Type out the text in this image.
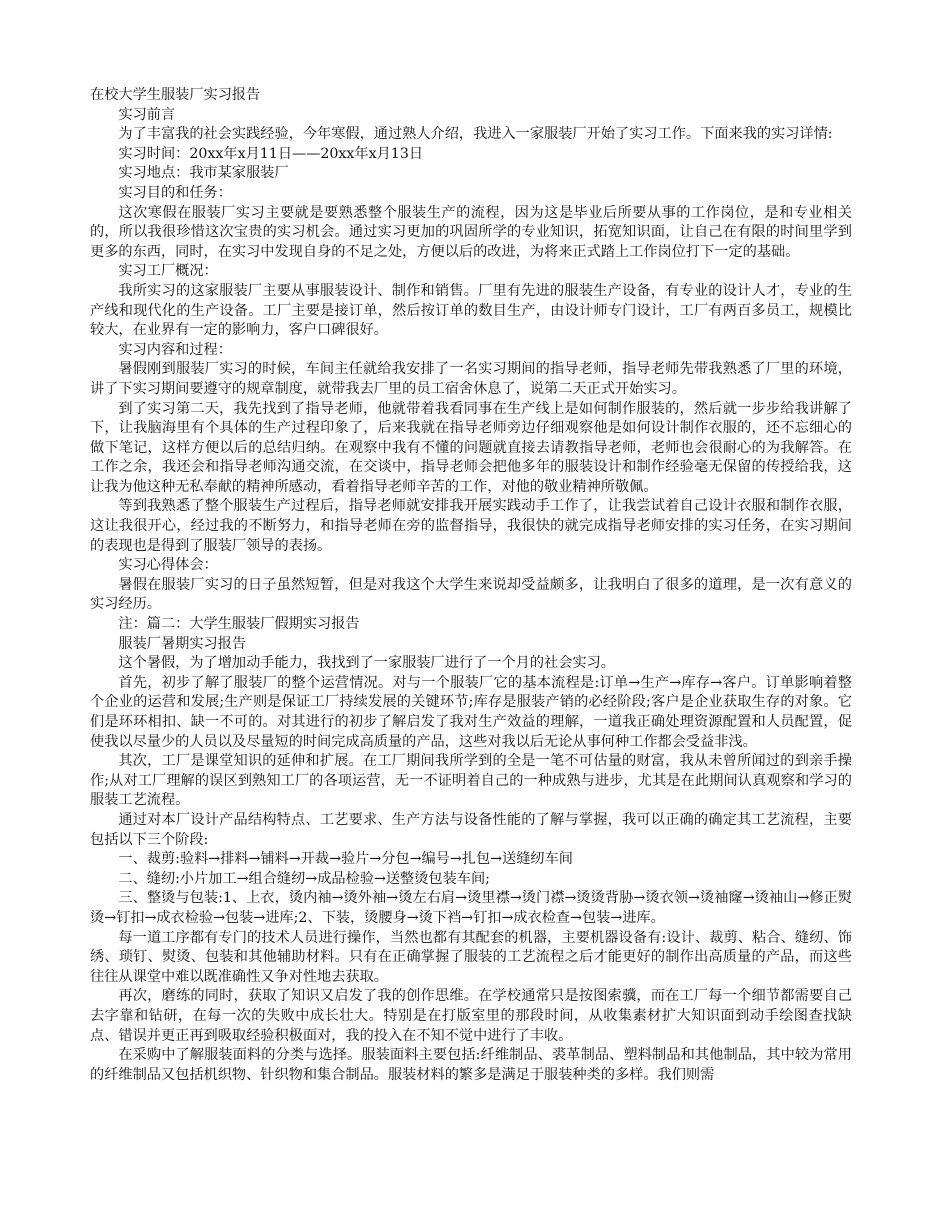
在校大学生服装厂实习报告

实习前言

为了丰富我的社会实践经验，今年寒假，通过熟人介绍，我进入一家服装厂开始了实习工作。下面来我的实习详情:

实习时间：20xx年x月11日——20xx年x月13日

实习地点：我市某家服装厂

实习目的和任务：

这次寒假在服装厂实习主要就是要熟悉整个服装生产的流程，因为这是毕业后所要从事的工作岗位，是和专业相关的，所以我很珍惜这次宝贵的实习机会。通过实习更加的巩固所学的专业知识，拓宽知识面，让自己在有限的时间里学到更多的东西，同时，在实习中发现自身的不足之处，方便以后的改进，为将来正式踏上工作岗位打下一定的基础。

实习工厂概况：

我所实习的这家服装厂主要从事服装设计、制作和销售。厂里有先进的服装生产设备，有专业的设计人才，专业的生产线和现代化的生产设备。工厂主要是接订单，然后按订单的数目生产，由设计师专门设计，工厂有两百多员工，规模比较大，在业界有一定的影响力，客户口碑很好。

实习内容和过程：

暑假刚到服装厂实习的时候，车间主任就给我安排了一名实习期间的指导老师，指导老师先带我熟悉了厂里的环境，讲了下实习期间要遵守的规章制度，就带我去厂里的员工宿舍休息了，说第二天正式开始实习。

到了实习第二天，我先找到了指导老师，他就带着我看同事在生产线上是如何制作服装的，然后就一步步给我讲解了下，让我脑海里有个具体的生产过程印象了，后来我就在指导老师旁边仔细观察他是如何设计制作衣服的，还不忘细心的做下笔记，这样方便以后的总结归纳。在观察中我有不懂的问题就直接去请教指导老师，老师也会很耐心的为我解答。在工作之余，我还会和指导老师沟通交流，在交谈中，指导老师会把他多年的服装设计和制作经验毫无保留的传授给我，这让我为他这种无私奉献的精神所感动，看着指导老师辛苦的工作，对他的敬业精神所敬佩。

等到我熟悉了整个服装生产过程后，指导老师就安排我开展实践动手工作了，让我尝试着自己设计衣服和制作衣服，这让我很开心，经过我的不断努力，和指导老师在旁的监督指导，我很快的就完成指导老师安排的实习任务，在实习期间的表现也是得到了服装厂领导的表扬。

实习心得体会：

暑假在服装厂实习的日子虽然短暂，但是对我这个大学生来说却受益颇多，让我明白了很多的道理，是一次有意义的实习经历。

注：篇二：大学生服装厂假期实习报告

服装厂暑期实习报告

这个暑假，为了增加动手能力，我找到了一家服装厂进行了一个月的社会实习。

首先，初步了解了服装厂的整个运营情况。对与一个服装厂它的基本流程是:订单→生产→库存→客户。订单影响着整个企业的运营和发展;生产则是保证工厂持续发展的关键环节;库存是服装产销的必经阶段;客户是企业获取生存的对象。它们是环环相扣、缺一不可的。对其进行的初步了解启发了我对生产效益的理解，一道我正确处理资源配置和人员配置，促使我以尽量少的人员以及尽量短的时间完成高质量的产品，这些对我以后无论从事何种工作都会受益非浅。

其次，工厂是课堂知识的延伸和扩展。在工厂期间我所学到的全是一笔不可估量的财富，我从未曾所闻过的到亲手操作;从对工厂理解的误区到熟知工厂的各项运营，无一不证明着自己的一种成熟与进步，尤其是在此期间认真观察和学习的服装工艺流程。

通过对本厂设计产品结构特点、工艺要求、生产方法与设备性能的了解与掌握，我可以正确的确定其工艺流程，主要包括以下三个阶段:

一、裁剪:验料→排料→铺料→开裁→验片→分包→编号→扎包→送缝纫车间

二、缝纫:小片加工→组合缝纫→成品检验→送整烫包装车间;

三、整烫与包装:1、上衣，烫内袖→烫外袖→烫左右肩→烫里襟→烫门襟→烫烫背胁→烫衣领→烫袖窿→烫袖山→修正熨烫→钉扣→成衣检验→包装→进库;2、下装，烫腰身→烫下裆→钉扣→成衣检查→包装→进库。

每一道工序都有专门的技术人员进行操作，当然也都有其配套的机器，主要机器设备有:设计、裁剪、粘合、缝纫、饰绣、琐钉、熨烫、包装和其他辅助材料。只有在正确掌握了服装的工艺流程之后才能更好的制作出高质量的产品，而这些往往从课堂中难以既准确性又争对性地去获取。

再次，磨练的同时，获取了知识又启发了我的创作思维。在学校通常只是按图索骥，而在工厂每一个细节都需要自己去字靠和钻研，在每一次的失败中成长壮大。特别是在打版室里的那段时间，从收集素材扩大知识面到动手绘图查找缺点、错误并更正再到吸取经验积极面对，我的投入在不知不觉中进行了丰收。

在采购中了解服装面料的分类与选择。服装面料主要包括:纤维制品、裘革制品、塑料制品和其他制品，其中较为常用的纤维制品又包括机织物、针织物和集合制品。服装材料的繁多是满足于服装种类的多样。我们则需
